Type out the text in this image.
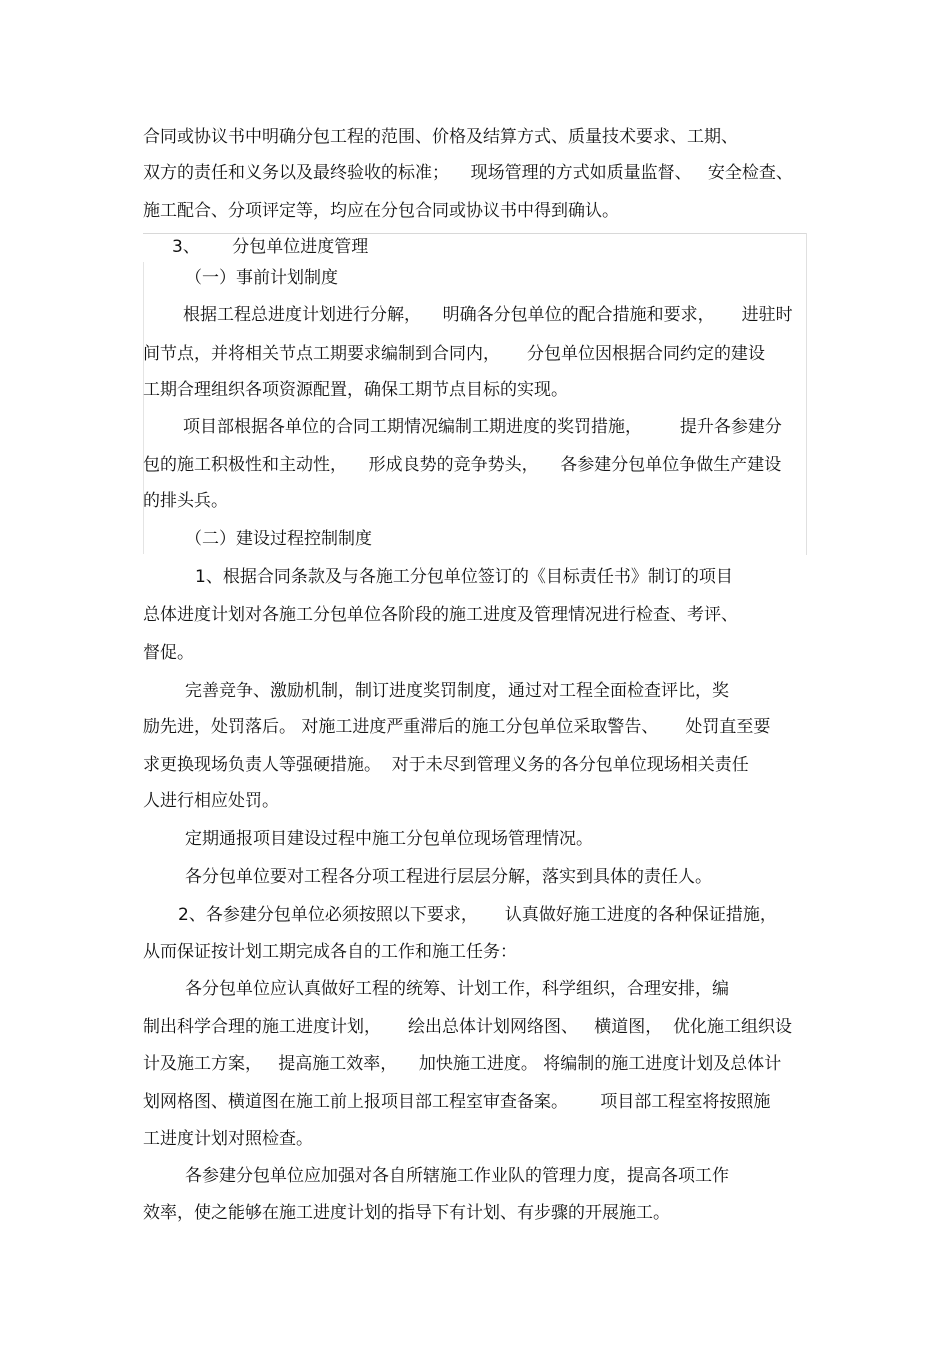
合同或协议书中明确分包工程的范围、价格及结算方式、质量技术要求、工期、
双方的责任和义务以及最终验收的标准；    现场管理的方式如质量监督、   安全检查、
施工配合、分项评定等，均应在分包合同或协议书中得到确认。
3、      分包单位进度管理
（一）事前计划制度
根据工程总进度计划进行分解，    明确各分包单位的配合措施和要求，     进驻时
间节点，并将相关节点工期要求编制到合同内，     分包单位因根据合同约定的建设
工期合理组织各项资源配置，确保工期节点目标的实现。
项目部根据各单位的合同工期情况编制工期进度的奖罚措施，       提升各参建分
包的施工积极性和主动性，    形成良势的竞争势头，    各参建分包单位争做生产建设
的排头兵。
（二）建设过程控制制度
1、根据合同条款及与各施工分包单位签订的《目标责任书》制订的项目
总体进度计划对各施工分包单位各阶段的施工进度及管理情况进行检查、考评、
督促。
完善竞争、激励机制，制订进度奖罚制度，通过对工程全面检查评比，奖
励先进，处罚落后。 对施工进度严重滞后的施工分包单位采取警告、     处罚直至要
求更换现场负责人等强硬措施。  对于未尽到管理义务的各分包单位现场相关责任
人进行相应处罚。
定期通报项目建设过程中施工分包单位现场管理情况。
各分包单位要对工程各分项工程进行层层分解，落实到具体的责任人。
2、各参建分包单位必须按照以下要求，     认真做好施工进度的各种保证措施，
从而保证按计划工期完成各自的工作和施工任务：
各分包单位应认真做好工程的统筹、计划工作，科学组织，合理安排，编
制出科学合理的施工进度计划，     绘出总体计划网络图、   横道图，  优化施工组织设
计及施工方案，   提高施工效率，    加快施工进度。 将编制的施工进度计划及总体计
划网格图、横道图在施工前上报项目部工程室审查备案。      项目部工程室将按照施
工进度计划对照检查。
各参建分包单位应加强对各自所辖施工作业队的管理力度，提高各项工作
效率，使之能够在施工进度计划的指导下有计划、有步骤的开展施工。
